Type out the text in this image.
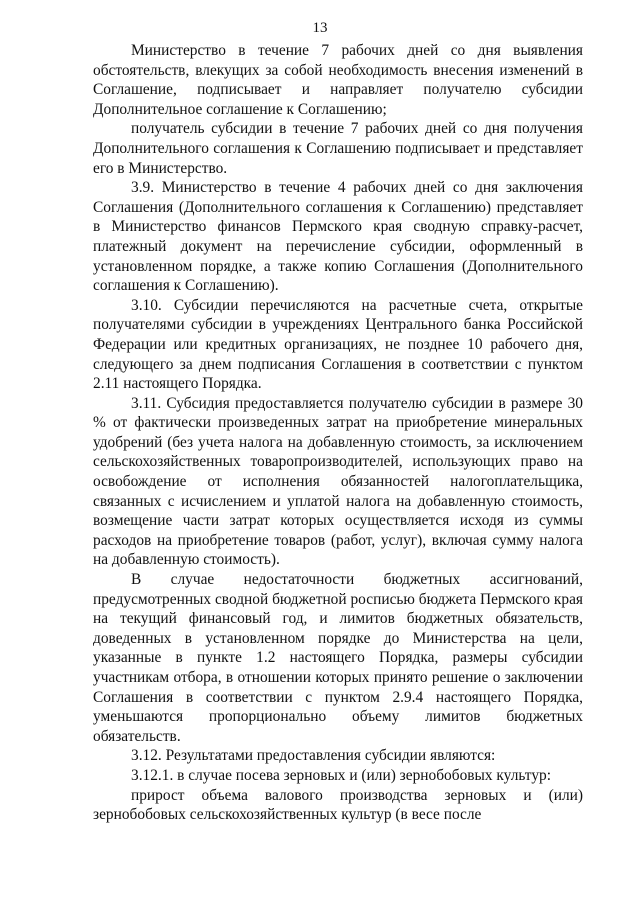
13

Министерство в течение 7 рабочих дней со дня выявления обстоятельств, влекущих за собой необходимость внесения изменений в Соглашение, подписывает и направляет получателю субсидии Дополнительное соглашение к Соглашению;

получатель субсидии в течение 7 рабочих дней со дня получения Дополнительного соглашения к Соглашению подписывает и представляет его в Министерство.

3.9. Министерство в течение 4 рабочих дней со дня заключения Соглашения (Дополнительного соглашения к Соглашению) представляет в Министерство финансов Пермского края сводную справку-расчет, платежный документ на перечисление субсидии, оформленный в установленном порядке, а также копию Соглашения (Дополнительного соглашения к Соглашению).

3.10. Субсидии перечисляются на расчетные счета, открытые получателями субсидии в учреждениях Центрального банка Российской Федерации или кредитных организациях, не позднее 10 рабочего дня, следующего за днем подписания Соглашения в соответствии с пунктом 2.11 настоящего Порядка.

3.11. Субсидия предоставляется получателю субсидии в размере 30 % от фактически произведенных затрат на приобретение минеральных удобрений (без учета налога на добавленную стоимость, за исключением сельскохозяйственных товаропроизводителей, использующих право на освобождение от исполнения обязанностей налогоплательщика, связанных с исчислением и уплатой налога на добавленную стоимость, возмещение части затрат которых осуществляется исходя из суммы расходов на приобретение товаров (работ, услуг), включая сумму налога на добавленную стоимость).

В случае недостаточности бюджетных ассигнований, предусмотренных сводной бюджетной росписью бюджета Пермского края на текущий финансовый год, и лимитов бюджетных обязательств, доведенных в установленном порядке до Министерства на цели, указанные в пункте 1.2 настоящего Порядка, размеры субсидии участникам отбора, в отношении которых принято решение о заключении Соглашения в соответствии с пунктом 2.9.4 настоящего Порядка, уменьшаются пропорционально объему лимитов бюджетных обязательств.

3.12. Результатами предоставления субсидии являются:

3.12.1. в случае посева зерновых и (или) зернобобовых культур:

прирост объема валового производства зерновых и (или) зернобобовых сельскохозяйственных культур (в весе после
